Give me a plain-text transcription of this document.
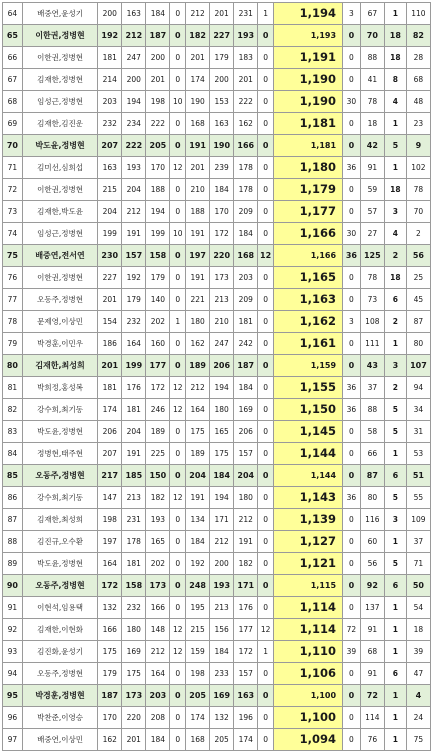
64	배중연,윤성기	200	163	184	0	212	201	231	1	1,194	3	67	1	110
65	이한권,정병현	192	212	187	0	182	227	193	0	1,193	0	70	18	82
66	이한권,정병현	181	247	200	0	201	179	183	0	1,191	0	88	18	28
67	김재한,정병현	214	200	201	0	174	200	201	0	1,190	0	41	8	68
68	임성근,정병현	203	194	198	10	190	153	222	0	1,190	30	78	4	48
69	김재한,김진운	232	234	222	0	168	163	162	0	1,181	0	18	1	23
70	박도윤,정병현	207	222	205	0	191	190	166	0	1,181	0	42	5	9
71	김미선,심희섭	163	193	170	12	201	239	178	0	1,180	36	91	1	102
72	이한권,정병현	215	204	188	0	210	184	178	0	1,179	0	59	18	78
73	김재한,박도윤	204	212	194	0	188	170	209	0	1,177	0	57	3	70
74	임성근,정병현	199	191	199	10	191	172	184	0	1,166	30	27	4	2
75	배중연,전서연	230	157	158	0	197	220	168	12	1,166	36	125	2	56
76	이한권,정병현	227	192	179	0	191	173	203	0	1,165	0	78	18	25
77	오동주,정병현	201	179	140	0	221	213	209	0	1,163	0	73	6	45
78	문제영,이상민	154	232	202	1	180	210	181	0	1,162	3	108	2	87
79	박경훈,이민우	186	164	160	0	162	247	242	0	1,161	0	111	1	80
80	김재한,최성희	201	199	177	0	189	206	187	0	1,159	0	43	3	107
81	박희정,홍성복	181	176	172	12	212	194	184	0	1,155	36	37	2	94
82	강수희,최기동	174	181	246	12	164	180	169	0	1,150	36	88	5	34
83	박도윤,정병현	206	204	189	0	175	165	206	0	1,145	0	58	5	31
84	정병현,태주현	207	191	225	0	189	175	157	0	1,144	0	66	1	53
85	오동주,정병현	217	185	150	0	204	184	204	0	1,144	0	87	6	51
86	강수희,최기동	147	213	182	12	191	194	180	0	1,143	36	80	5	55
87	김재한,최성희	198	231	193	0	134	171	212	0	1,139	0	116	3	109
88	김진규,오수환	197	178	165	0	184	212	191	0	1,127	0	60	1	37
89	박도윤,정병현	164	181	202	0	192	200	182	0	1,121	0	56	5	71
90	오동주,정병현	172	158	173	0	248	193	171	0	1,115	0	92	6	50
91	이현석,임용택	132	232	166	0	195	213	176	0	1,114	0	137	1	54
92	김재한,이현화	166	180	148	12	215	156	177	12	1,114	72	91	1	18
93	김진화,윤성기	175	169	212	12	159	184	172	1	1,110	39	68	1	39
94	오동주,정병현	179	175	164	0	198	233	157	0	1,106	0	91	6	47
95	박경훈,정병현	187	173	203	0	205	169	163	0	1,100	0	72	1	4
96	박찬준,이영승	170	220	208	0	174	132	196	0	1,100	0	114	1	24
97	배중연,이상민	162	201	184	0	168	205	174	0	1,094	0	76	1	75
